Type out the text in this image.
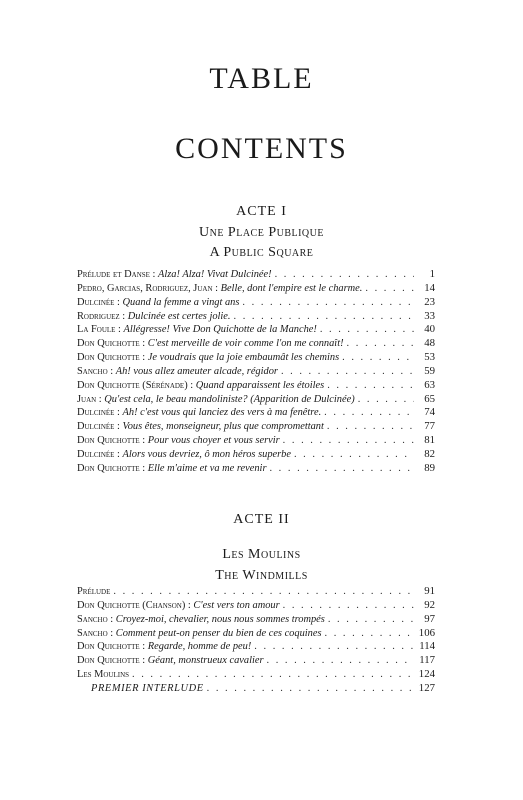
TABLE
CONTENTS
ACTE I
Une Place Publique
A Public Square
Prélude et Danse : Alza! Alza! Vivat Dulcinée! . . .	1
Pedro, Garcias, Rodriguez, Juan : Belle, dont l'empire est le charme. . . .	14
Dulcinée : Quand la femme a vingt ans . . .	23
Rodriguez : Dulcinée est certes jolie. . . .	33
La Foule : Allégresse! Vive Don Quichotte de la Manche! . . .	40
Don Quichotte : C'est merveille de voir comme l'on me connaît! . . .	48
Don Quichotte : Je voudrais que la joie embaumât les chemins . . .	53
Sancho : Ah! vous allez ameuter alcade, régidor . . .	59
Don Quichotte (Sérénade) : Quand apparaissent les étoiles . . .	63
Juan : Qu'est cela, le beau mandoliniste? (Apparition de Dulcinée) . . .	65
Dulcinée : Ah! c'est vous qui lanciez des vers à ma fenêtre. . . .	74
Dulcinée : Vous êtes, monseigneur, plus que compromettant . . .	77
Don Quichotte : Pour vous choyer et vous servir . . .	81
Dulcinée : Alors vous devriez, ô mon héros superbe . . .	82
Don Quichotte : Elle m'aime et va me revenir . . .	89
ACTE II
Les Moulins
The Windmills
Prélude . . .	91
Don Quichotte (Chanson) : C'est vers ton amour . . .	92
Sancho : Croyez-moi, chevalier, nous nous sommes trompés . . .	97
Sancho : Comment peut-on penser du bien de ces coquines . . .	106
Don Quichotte : Regarde, homme de peu! . . .	114
Don Quichotte : Géant, monstrueux cavalier . . .	117
Les Moulins . . .	124
PREMIER INTERLUDE . . .	127
